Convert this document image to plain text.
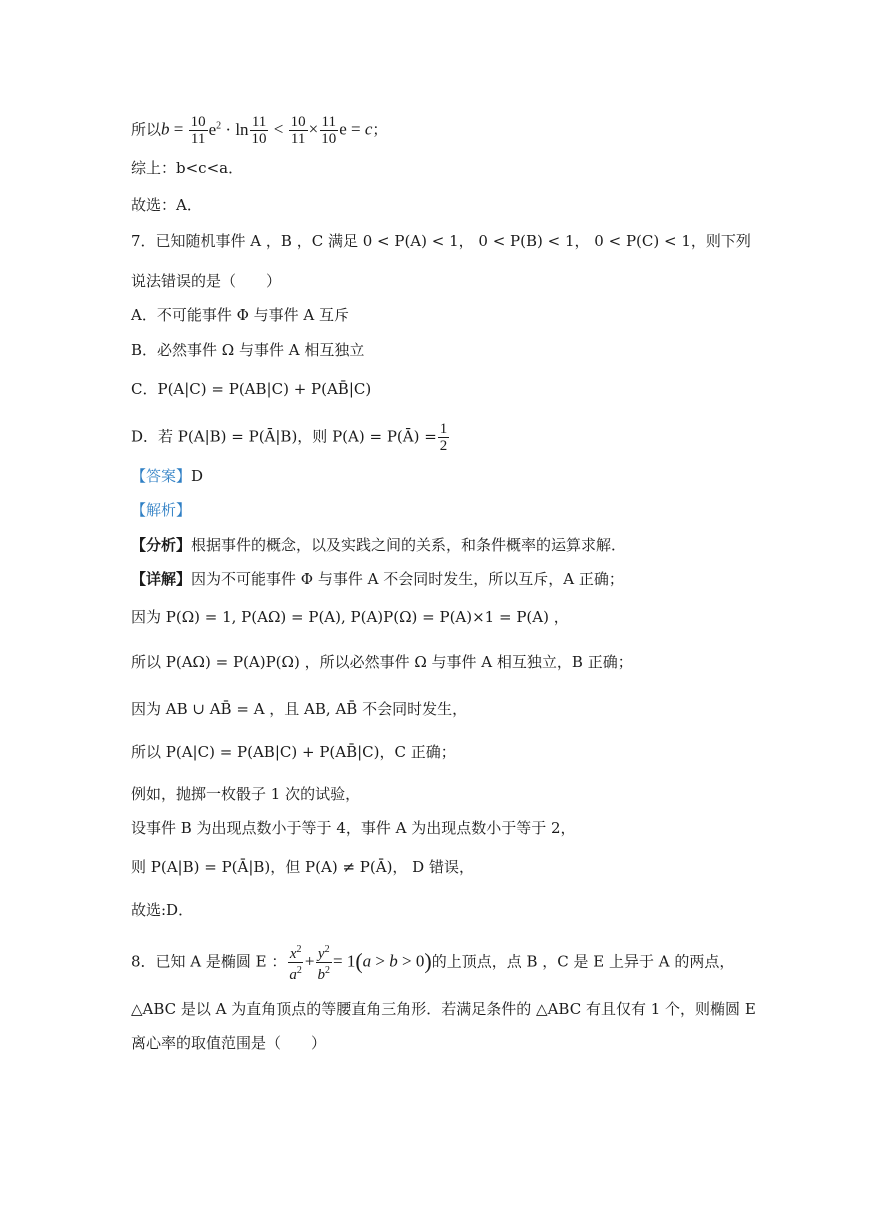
所以$b = \frac{10}{11} e^2 \cdot \ln \frac{11}{10} < \frac{10}{11} \times \frac{11}{10}$ e = c；
综上：b<c<a．
故选：A．
7．已知随机事件 A ，B ，C 满足 0 < P(A) < 1， 0 < P(B) < 1， 0 < P(C) < 1，则下列
说法错误的是（　　）
A．不可能事件 Φ 与事件 A 互斥
B．必然事件 Ω 与事件 A 相互独立
C．P(A|C) = P(AB|C) + P(AB̄|C)
D．若 P(A|B) = P(Ā|B)，则 P(A) = P(Ā) = $\frac{1}{2}$
【答案】D
【解析】
【分析】根据事件的概念，以及实践之间的关系，和条件概率的运算求解．
【详解】因为不可能事件 Φ 与事件 A 不会同时发生，所以互斥，A 正确；
因为 P(Ω) = 1, P(AΩ) = P(A), P(A)P(Ω) = P(A)×1 = P(A) ，
所以 P(AΩ) = P(A)P(Ω) ，所以必然事件 Ω 与事件 A 相互独立，B 正确；
因为 AB ∪ AB̄ = A ，且 AB, AB̄ 不会同时发生，
所以 P(A|C) = P(AB|C) + P(AB̄|C)，C 正确；
例如，抛掷一枚骰子 1 次的试验，
设事件 B 为出现点数小于等于 4，事件 A 为出现点数小于等于 2，
则 P(A|B) = P(Ā|B)，但 P(A) ≠ P(Ā)， D 错误，
故选:D．
8．已知 A 是椭圆 E ： $\frac{x^2}{a^2} + \frac{y^2}{b^2} = 1(a > b > 0)$的上顶点，点 B ，C 是 E 上异于 A 的两点，
△ABC 是以 A 为直角顶点的等腰直角三角形．若满足条件的 △ABC 有且仅有 1 个，则椭圆 E
离心率的取值范围是（　　）
